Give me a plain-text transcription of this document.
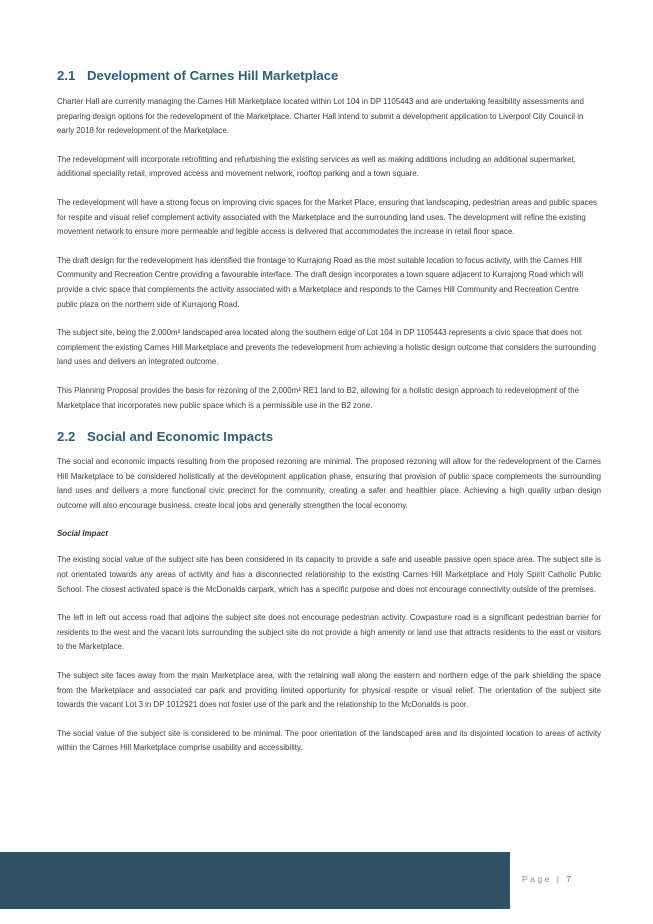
2.1 Development of Carnes Hill Marketplace

Charter Hall are currently managing the Carnes Hill Marketplace located within Lot 104 in DP 1105443 and are undertaking feasibility assessments and preparing design options for the redevelopment of the Marketplace. Charter Hall intend to submit a development application to Liverpool City Council in early 2018 for redevelopment of the Marketplace.

The redevelopment will incorporate retrofitting and refurbishing the existing services as well as making additions including an additional supermarket, additional speciality retail, improved access and movement network, rooftop parking and a town square.

The redevelopment will have a strong focus on improving civic spaces for the Market Place, ensuring that landscaping, pedestrian areas and public spaces for respite and visual relief complement activity associated with the Marketplace and the surrounding land uses. The development will refine the existing movement network to ensure more permeable and legible access is delivered that accommodates the increase in retail floor space.

The draft design for the redevelopment has identified the frontage to Kurrajong Road as the most suitable location to focus activity, with the Carnes Hill Community and Recreation Centre providing a favourable interface. The draft design incorporates a town square adjacent to Kurrajong Road which will provide a civic space that complements the activity associated with a Marketplace and responds to the Carnes Hill Community and Recreation Centre public plaza on the northern side of Kurrajong Road.

The subject site, being the 2,000m² landscaped area located along the southern edge of Lot 104 in DP 1105443 represents a civic space that does not complement the existing Carnes Hill Marketplace and prevents the redevelopment from achieving a holistic design outcome that considers the surrounding land uses and delivers an integrated outcome.

This Planning Proposal provides the basis for rezoning of the 2,000m² RE1 land to B2, allowing for a holistic design approach to redevelopment of the Marketplace that incorporates new public space which is a permissible use in the B2 zone.

2.2 Social and Economic Impacts

The social and economic impacts resulting from the proposed rezoning are minimal. The proposed rezoning will allow for the redevelopment of the Carnes Hill Marketplace to be considered holistically at the development application phase, ensuring that provision of public space complements the surrounding land uses and delivers a more functional civic precinct for the community, creating a safer and healthier place. Achieving a high quality urban design outcome will also encourage business, create local jobs and generally strengthen the local economy.

Social Impact

The existing social value of the subject site has been considered in its capacity to provide a safe and useable passive open space area. The subject site is not orientated towards any areas of activity and has a disconnected relationship to the existing Carnes Hill Marketplace and Holy Spirit Catholic Public School. The closest activated space is the McDonalds carpark, which has a specific purpose and does not encourage connectivity outside of the premises.

The left in left out access road that adjoins the subject site does not encourage pedestrian activity. Cowpasture road is a significant pedestrian barrier for residents to the west and the vacant lots surrounding the subject site do not provide a high amenity or land use that attracts residents to the east or visitors to the Marketplace.

The subject site faces away from the main Marketplace area, with the retaining wall along the eastern and northern edge of the park shielding the space from the Marketplace and associated car park and providing limited opportunity for physical respite or visual relief. The orientation of the subject site towards the vacant Lot 3 in DP 1012921 does not foster use of the park and the relationship to the McDonalds is poor.

The social value of the subject site is considered to be minimal. The poor orientation of the landscaped area and its disjointed location to areas of activity within the Carnes Hill Marketplace comprise usability and accessibility.

Page | 7
